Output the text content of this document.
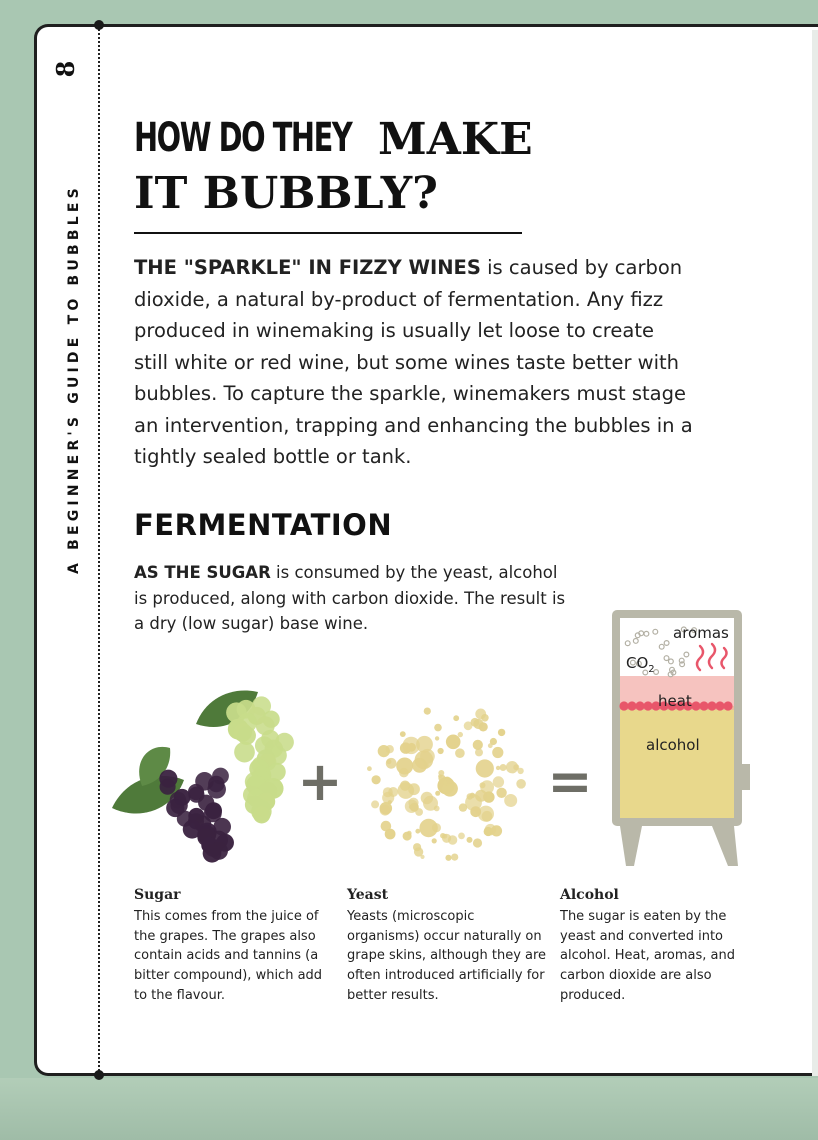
8
A BEGINNER'S GUIDE TO BUBBLES
HOW DO THEY MAKE
IT BUBBLY?

THE "SPARKLE" IN FIZZY WINES is caused by carbon dioxide, a natural by-product of fermentation. Any fizz produced in winemaking is usually let loose to create still white or red wine, but some wines taste better with bubbles. To capture the sparkle, winemakers must stage an intervention, trapping and enhancing the bubbles in a tightly sealed bottle or tank.

FERMENTATION

AS THE SUGAR is consumed by the yeast, alcohol is produced, along with carbon dioxide. The result is a dry (low sugar) base wine.

+	=
aromas
$CO_2$
heat
alcohol
Sugar
This comes from the juice of the grapes. The grapes also contain acids and tannins (a bitter compound), which add to the flavour.
Yeast
Yeasts (microscopic organisms) occur naturally on grape skins, although they are often introduced artificially for better results.
Alcohol
The sugar is eaten by the yeast and converted into alcohol. Heat, aromas, and carbon dioxide are also produced.
